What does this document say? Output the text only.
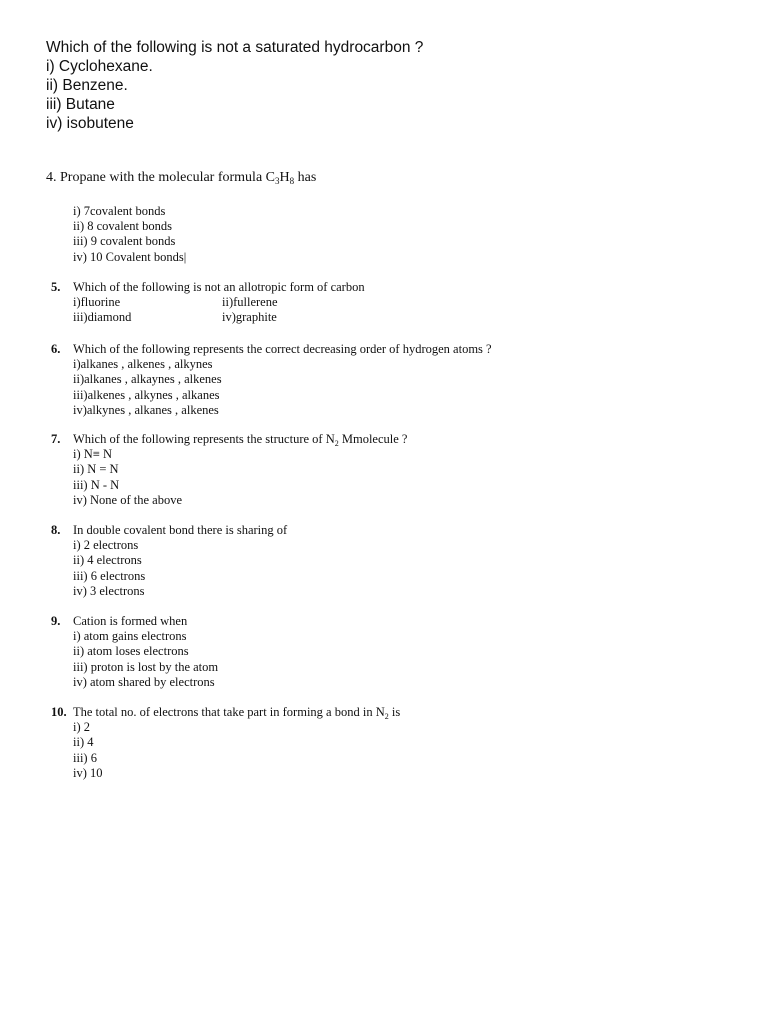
Which of the following is not a saturated hydrocarbon ?
i) Cyclohexane.
ii) Benzene.
iii) Butane
iv) isobutene
4. Propane with the molecular formula $C_3H_8$ has
i) 7covalent bonds
ii) 8 covalent bonds
iii) 9 covalent bonds
iv) 10 Covalent bonds|
5. Which of the following is not an allotropic form of carbon
i)fluorine	ii)fullerene
iii)diamond	iv)graphite
6. Which of the following represents the correct decreasing order of hydrogen atoms ?
i)alkanes , alkenes , alkynes
ii)alkanes , alkaynes , alkenes
iii)alkenes , alkynes , alkanes
iv)alkynes , alkanes , alkenes
7. Which of the following represents the structure of $N_2$ Mmolecule ?
i) N≡ N
ii) N = N
iii) N - N
iv) None of the above
8. In double covalent bond there is sharing of
i) 2 electrons
ii) 4 electrons
iii) 6 electrons
iv) 3 electrons
9. Cation is formed when
i) atom gains electrons
ii) atom loses electrons
iii) proton is lost by the atom
iv) atom shared by electrons
10. The total no. of electrons that take part in forming a bond in $N_2$ is
i) 2
ii) 4
iii) 6
iv) 10
